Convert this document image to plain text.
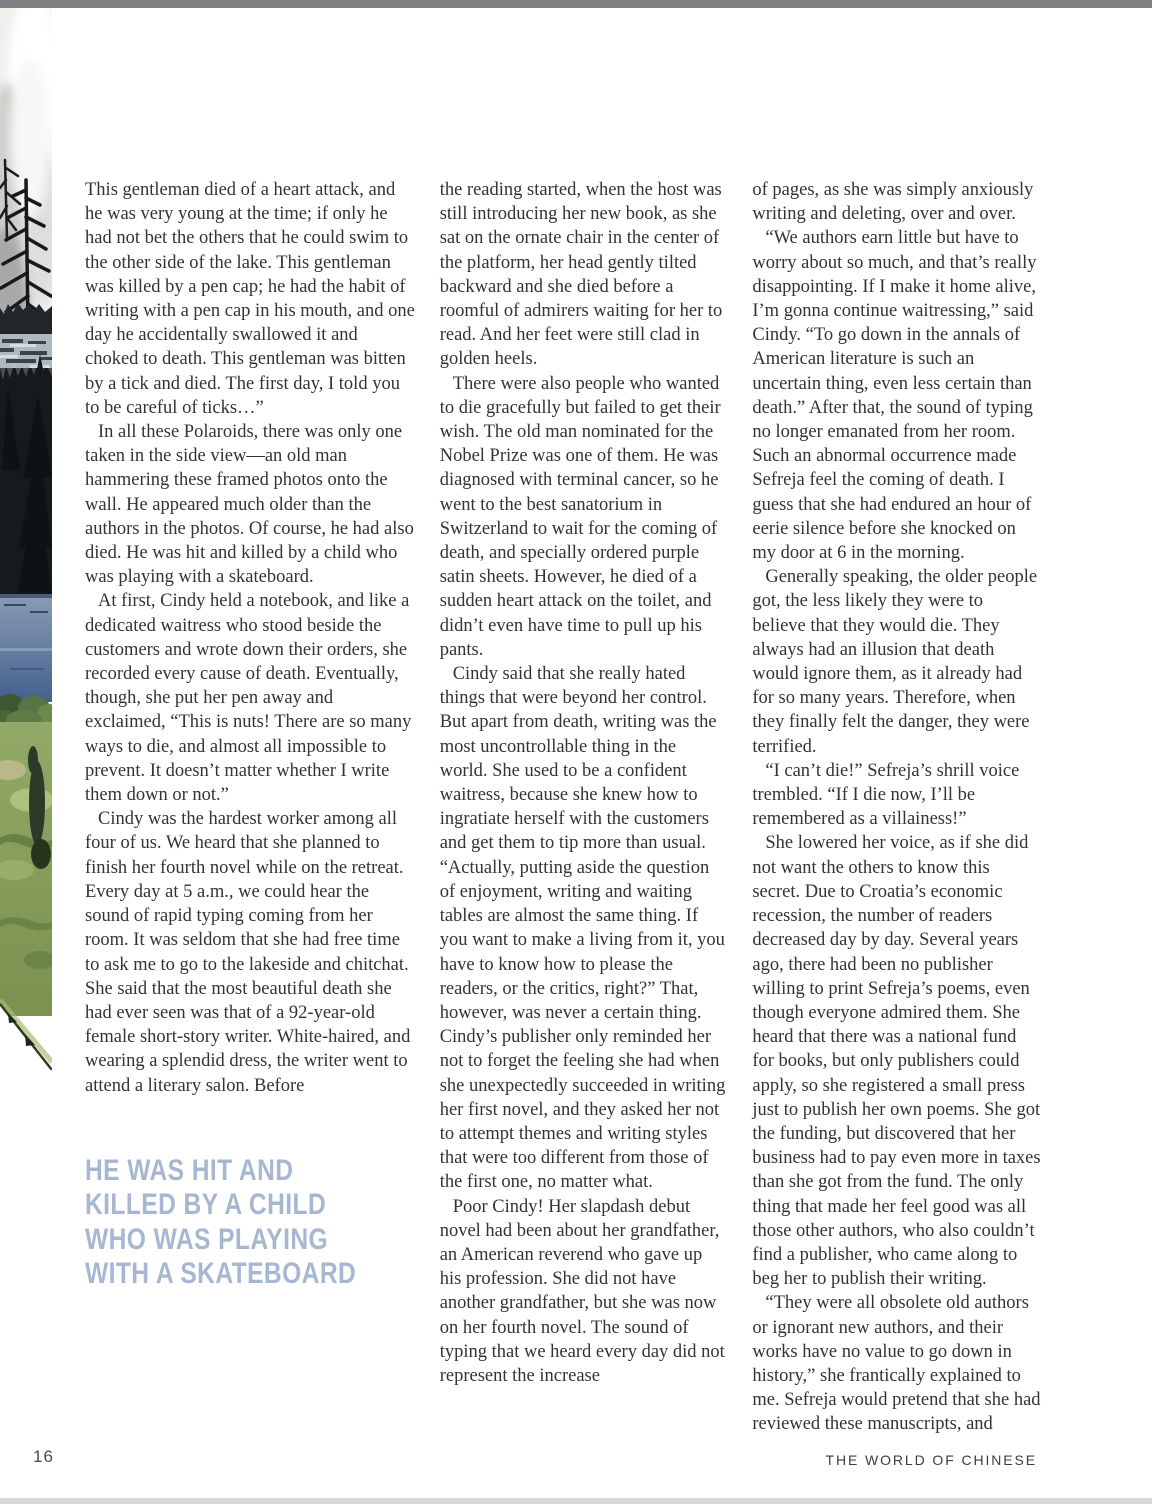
This gentleman died of a heart attack, and he was very young at the time; if only he had not bet the others that he could swim to the other side of the lake. This gentleman was killed by a pen cap; he had the habit of writing with a pen cap in his mouth, and one day he accidentally swallowed it and choked to death. This gentleman was bitten by a tick and died. The first day, I told you to be careful of ticks…”

In all these Polaroids, there was only one taken in the side view—an old man hammering these framed photos onto the wall. He appeared much older than the authors in the photos. Of course, he had also died. He was hit and killed by a child who was playing with a skateboard.

At first, Cindy held a notebook, and like a dedicated waitress who stood beside the customers and wrote down their orders, she recorded every cause of death. Eventually, though, she put her pen away and exclaimed, “This is nuts! There are so many ways to die, and almost all impossible to prevent. It doesn’t matter whether I write them down or not.”

Cindy was the hardest worker among all four of us. We heard that she planned to finish her fourth novel while on the retreat. Every day at 5 a.m., we could hear the sound of rapid typing coming from her room. It was seldom that she had free time to ask me to go to the lakeside and chitchat. She said that the most beautiful death she had ever seen was that of a 92-year-old female short-story writer. White-haired, and wearing a splendid dress, the writer went to attend a literary salon. Before

HE WAS HIT AND
KILLED BY A CHILD
WHO WAS PLAYING
WITH A SKATEBOARD

the reading started, when the host was still introducing her new book, as she sat on the ornate chair in the center of the platform, her head gently tilted backward and she died before a roomful of admirers waiting for her to read. And her feet were still clad in golden heels.

There were also people who wanted to die gracefully but failed to get their wish. The old man nominated for the Nobel Prize was one of them. He was diagnosed with terminal cancer, so he went to the best sanatorium in Switzerland to wait for the coming of death, and specially ordered purple satin sheets. However, he died of a sudden heart attack on the toilet, and didn’t even have time to pull up his pants.

Cindy said that she really hated things that were beyond her control. But apart from death, writing was the most uncontrollable thing in the world. She used to be a confident waitress, because she knew how to ingratiate herself with the customers and get them to tip more than usual. “Actually, putting aside the question of enjoyment, writing and waiting tables are almost the same thing. If you want to make a living from it, you have to know how to please the readers, or the critics, right?” That, however, was never a certain thing. Cindy’s publisher only reminded her not to forget the feeling she had when she unexpectedly succeeded in writing her first novel, and they asked her not to attempt themes and writing styles that were too different from those of the first one, no matter what.

Poor Cindy! Her slapdash debut novel had been about her grandfather, an American reverend who gave up his profession. She did not have another grandfather, but she was now on her fourth novel. The sound of typing that we heard every day did not represent the increase

of pages, as she was simply anxiously writing and deleting, over and over.

“We authors earn little but have to worry about so much, and that’s really disappointing. If I make it home alive, I’m gonna continue waitressing,” said Cindy. “To go down in the annals of American literature is such an uncertain thing, even less certain than death.” After that, the sound of typing no longer emanated from her room. Such an abnormal occurrence made Sefreja feel the coming of death. I guess that she had endured an hour of eerie silence before she knocked on my door at 6 in the morning.

Generally speaking, the older people got, the less likely they were to believe that they would die. They always had an illusion that death would ignore them, as it already had for so many years. Therefore, when they finally felt the danger, they were terrified.

“I can’t die!” Sefreja’s shrill voice trembled. “If I die now, I’ll be remembered as a villainess!”

She lowered her voice, as if she did not want the others to know this secret. Due to Croatia’s economic recession, the number of readers decreased day by day. Several years ago, there had been no publisher willing to print Sefreja’s poems, even though everyone admired them. She heard that there was a national fund for books, but only publishers could apply, so she registered a small press just to publish her own poems. She got the funding, but discovered that her business had to pay even more in taxes than she got from the fund. The only thing that made her feel good was all those other authors, who also couldn’t find a publisher, who came along to beg her to publish their writing.

“They were all obsolete old authors or ignorant new authors, and their works have no value to go down in history,” she frantically explained to me. Sefreja would pretend that she had reviewed these manuscripts, and

16	THE WORLD OF CHINESE
